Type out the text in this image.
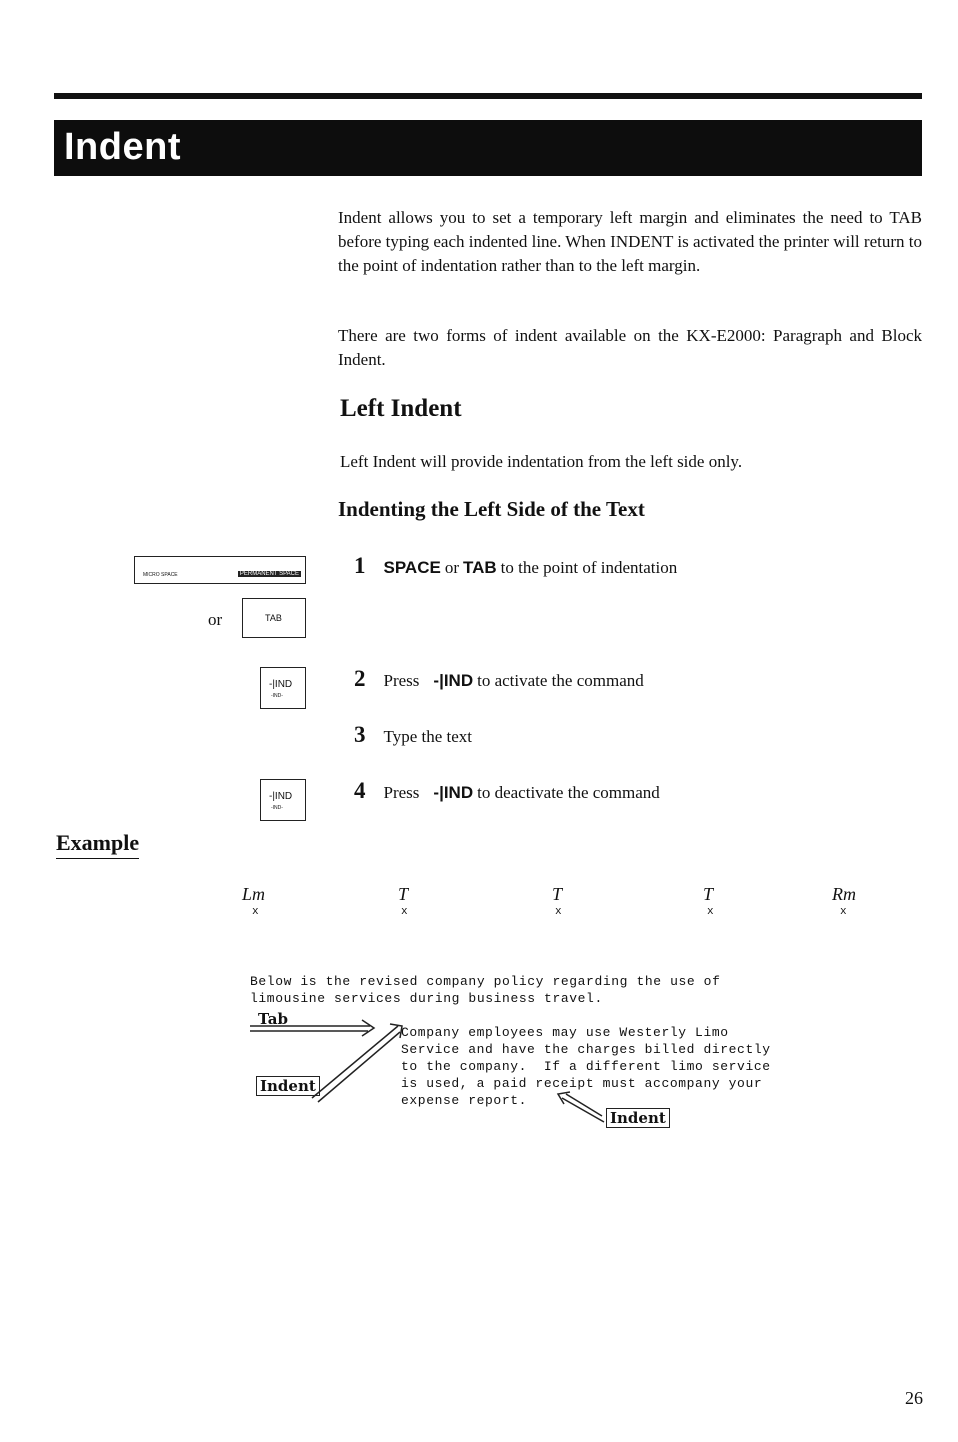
Indent
Indent allows you to set a temporary left margin and eliminates the need to TAB before typing each indented line. When INDENT is activated the printer will return to the point of indentation rather than to the left margin.
There are two forms of indent available on the KX-E2000: Paragraph and Block Indent.
Left Indent
Left Indent will provide indentation from the left side only.
Indenting the Left Side of the Text
MICRO SPACE	PERMANENT SPACE
or	TAB
-|IND
-IND-
-|IND
-IND-
1 SPACE or TAB to the point of indentation
2 Press -|IND to activate the command
3 Type the text
4 Press -|IND to deactivate the command
Example
Lm	T	T	T	Rm
x	x	x	x	x
Below is the revised company policy regarding the use of
limousine services during business travel.
Company employees may use Westerly Limo
Service and have the charges billed directly
to the company.  If a different limo service
is used, a paid receipt must accompany your
expense report.
Tab
Indent
Indent
26
